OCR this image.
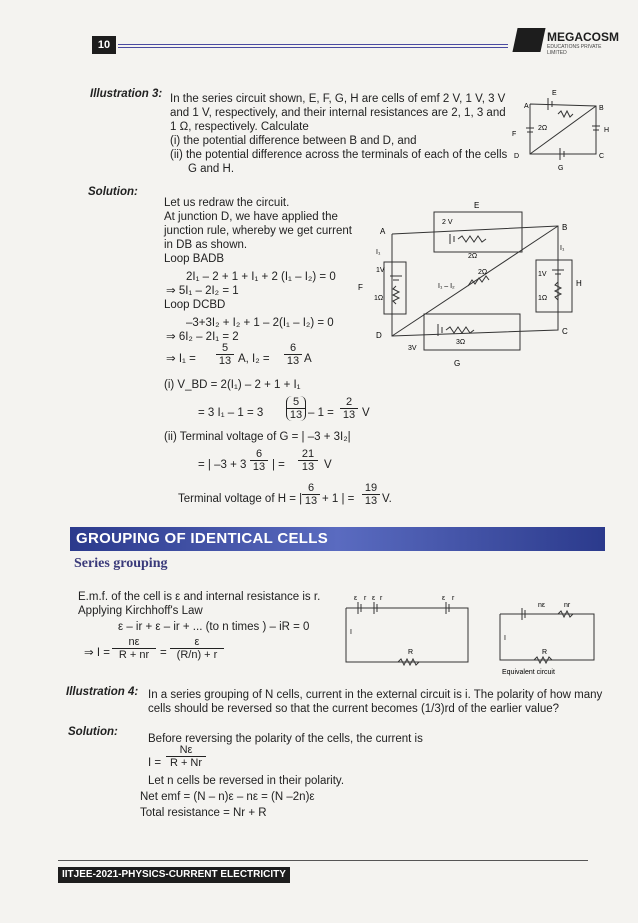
10
MEGACOSM
EDUCATIONS PRIVATE LIMITED
Illustration 3: In the series circuit shown, E, F, G, H are cells of emf 2 V, 1 V, 3 V
and 1 V, respectively, and their internal resistances are 2, 1, 3 and
1 Ω, respectively. Calculate
(i) the potential difference between B and D, and
(ii) the potential difference across the terminals of each of the cells
G and H.
A
E
B
F
2Ω	H
D
G
C
Solution:
Let us redraw the circuit.
At junction D, we have applied the
junction rule, whereby we get current
in DB as shown.
Loop BADB
2I₁ – 2 + 1 + I₁ + 2 (I₁ – I₂) = 0
⇒ 5I₁ – 2I₂ = 1
Loop DCBD
–3+3I₂ + I₂ + 1 – 2(I₁ – I₂) = 0
⇒ 6I₂ – 2I₁ = 2
⇒ $I_1 = \frac{5}{13} A$, $I_2 = \frac{6}{13}$ A
(i) V_BD = 2(I₁) – 2 + 1 + I₁
= 3 $I_1 - 1 = 3 \frac{5}{13} - 1 = \frac{2}{13}$ V
(ii) Terminal voltage of G = | –3 + 3I₂|
= | $-3 + 3 \frac{6}{13}$ | = $\frac{21}{13}$ V
Terminal voltage of H = | $\frac{6}{13} + 1$ | = $\frac{19}{13} V$.
E
A	B
2 V
2Ω
I₁
I₁
2Ω
I₁ – I₂
1V
1V
H
F
1Ω	1Ω
D	C
3V
3Ω
G
GROUPING OF IDENTICAL CELLS
Series grouping
E.m.f. of the cell is ε and internal resistance is r.
Applying Kirchhoff's Law
ε – ir + ε – ir + ... (to n times ) – iR = 0
⇒ $I = \frac{n\varepsilon}{R + nr} = \frac{\varepsilon}{(R/n) + r}$
ε r ε r	ε r
I
R
nε	nr
I
R
Equivalent circuit
Illustration 4: In a series grouping of N cells, current in the external circuit is i. The polarity of how many
cells should be reversed so that the current becomes (1/3)rd of the earlier value?
Solution:
Before reversing the polarity of the cells, the current is
$I = \frac{N\varepsilon}{R + Nr}$
Let n cells be reversed in their polarity.
Net emf = (N – n)ε – nε = (N –2n)ε
Total resistance = Nr + R
IITJEE-2021-PHYSICS-CURRENT ELECTRICITY
